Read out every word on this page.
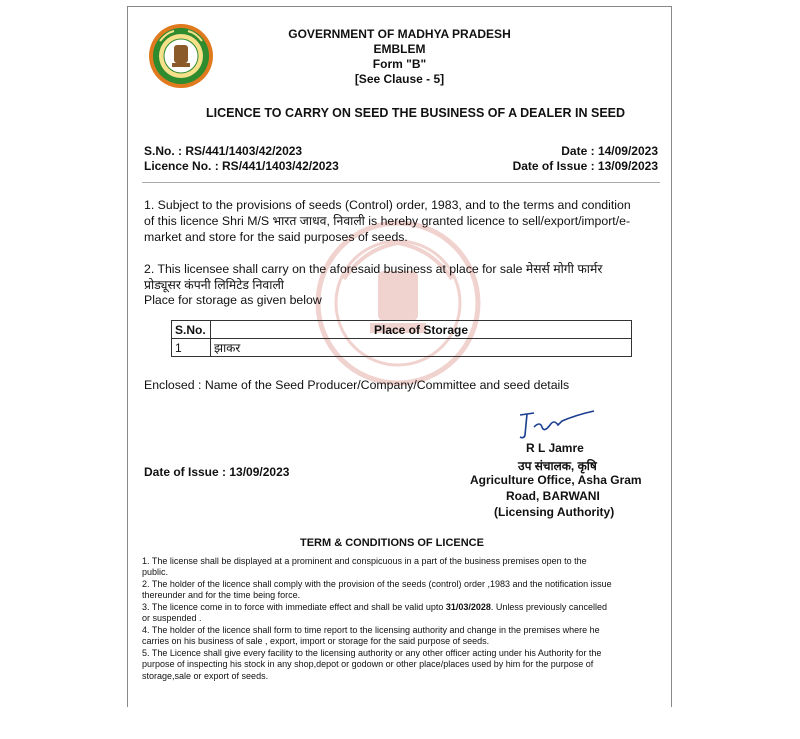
GOVERNMENT OF MADHYA PRADESH
EMBLEM
Form "B"
[See Clause - 5]
LICENCE TO CARRY ON SEED THE BUSINESS OF A DEALER IN SEED
S.No. : RS/441/1403/42/2023
Licence No. : RS/441/1403/42/2023
Date : 14/09/2023
Date of Issue : 13/09/2023
1. Subject to the provisions of seeds (Control) order, 1983, and to the terms and condition
of this licence Shri M/S भारत जाधव, निवाली is hereby granted licence to sell/export/import/e-
market and store for the said purposes of seeds.
2. This licensee shall carry on the aforesaid business at place for sale मेसर्स मोगी फार्मर
प्रोड्यूसर कंपनी लिमिटेड निवाली
Place for storage as given below
S.No.	Place of Storage
1	झाकर
Enclosed : Name of the Seed Producer/Company/Committee and seed details
R L Jamre
उप संचालक, कृषि
Agriculture Office, Asha Gram
Road, BARWANI
(Licensing Authority)
Date of Issue : 13/09/2023
TERM & CONDITIONS OF LICENCE
1. The license shall be displayed at a prominent and conspicuous in a part of the business premises open to the
public.
2. The holder of the licence shall comply with the provision of the seeds (control) order ,1983 and the notification issue
thereunder and for the time being force.
3. The licence come in to force with immediate effect and shall be valid upto 31/03/2028. Unless previously cancelled
or suspended .
4. The holder of the licence shall form to time report to the licensing authority and change in the premises where he
carries on his business of sale , export, import or storage for the said purpose of seeds.
5. The Licence shall give every facility to the licensing authority or any other officer acting under his Authority for the
purpose of inspecting his stock in any shop,depot or godown or other place/places used by him for the purpose of
storage,sale or export of seeds.
